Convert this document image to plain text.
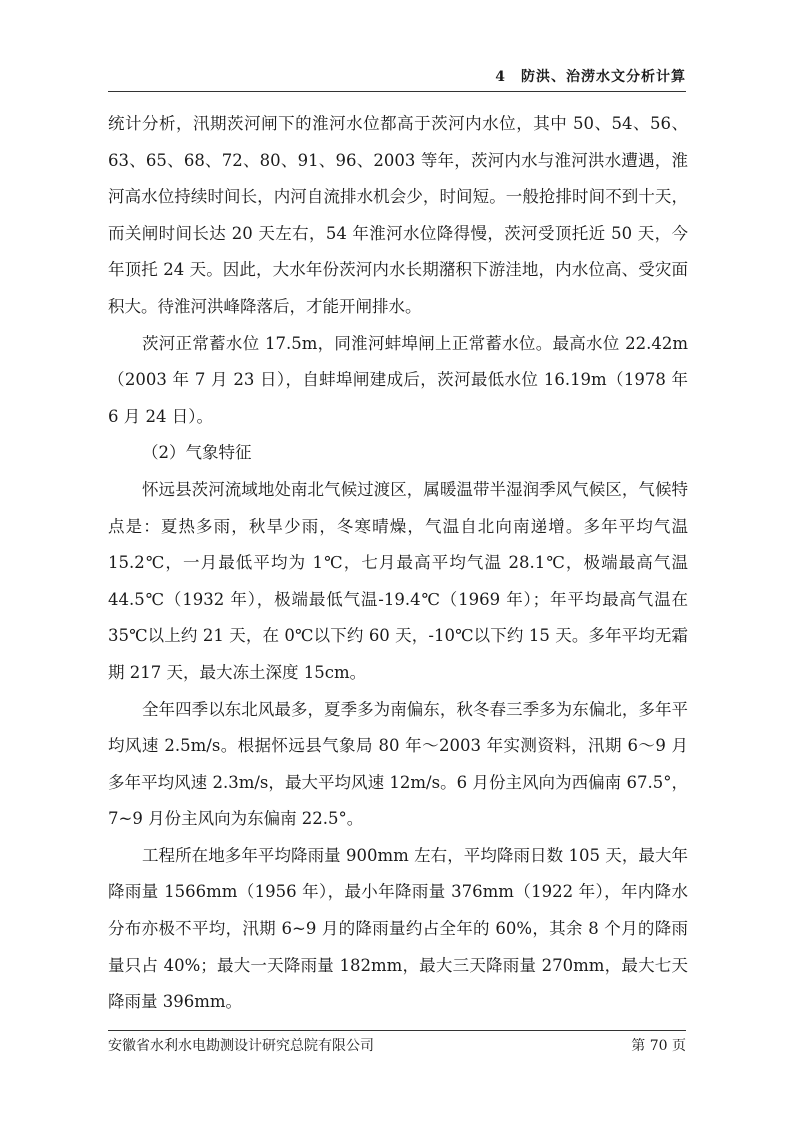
4　防洪、治涝水文分析计算

统计分析，汛期茨河闸下的淮河水位都高于茨河内水位，其中 50、54、56、63、65、68、72、80、91、96、2003 等年，茨河内水与淮河洪水遭遇，淮河高水位持续时间长，内河自流排水机会少，时间短。一般抢排时间不到十天，而关闸时间长达 20 天左右，54 年淮河水位降得慢，茨河受顶托近 50 天，今年顶托 24 天。因此，大水年份茨河内水长期潴积下游洼地，内水位高、受灾面积大。待淮河洪峰降落后，才能开闸排水。

茨河正常蓄水位 17.5m，同淮河蚌埠闸上正常蓄水位。最高水位 22.42m（2003 年 7 月 23 日），自蚌埠闸建成后，茨河最低水位 16.19m（1978 年 6 月 24 日）。

（2）气象特征

怀远县茨河流域地处南北气候过渡区，属暖温带半湿润季风气候区，气候特点是：夏热多雨，秋旱少雨，冬寒晴燥，气温自北向南递增。多年平均气温 15.2℃，一月最低平均为 1℃，七月最高平均气温 28.1℃，极端最高气温 44.5℃（1932 年），极端最低气温-19.4℃（1969 年）；年平均最高气温在 35℃以上约 21 天，在 0℃以下约 60 天，-10℃以下约 15 天。多年平均无霜期 217 天，最大冻土深度 15cm。

全年四季以东北风最多，夏季多为南偏东，秋冬春三季多为东偏北，多年平均风速 2.5m/s。根据怀远县气象局 80 年～2003 年实测资料，汛期 6～9 月多年平均风速 2.3m/s，最大平均风速 12m/s。6 月份主风向为西偏南 67.5°，7~9 月份主风向为东偏南 22.5°。

工程所在地多年平均降雨量 900mm 左右，平均降雨日数 105 天，最大年降雨量 1566mm（1956 年），最小年降雨量 376mm（1922 年），年内降水分布亦极不平均，汛期 6~9 月的降雨量约占全年的 60%，其余 8 个月的降雨量只占 40%；最大一天降雨量 182mm，最大三天降雨量 270mm，最大七天降雨量 396mm。

安徽省水利水电勘测设计研究总院有限公司	第 70 页
